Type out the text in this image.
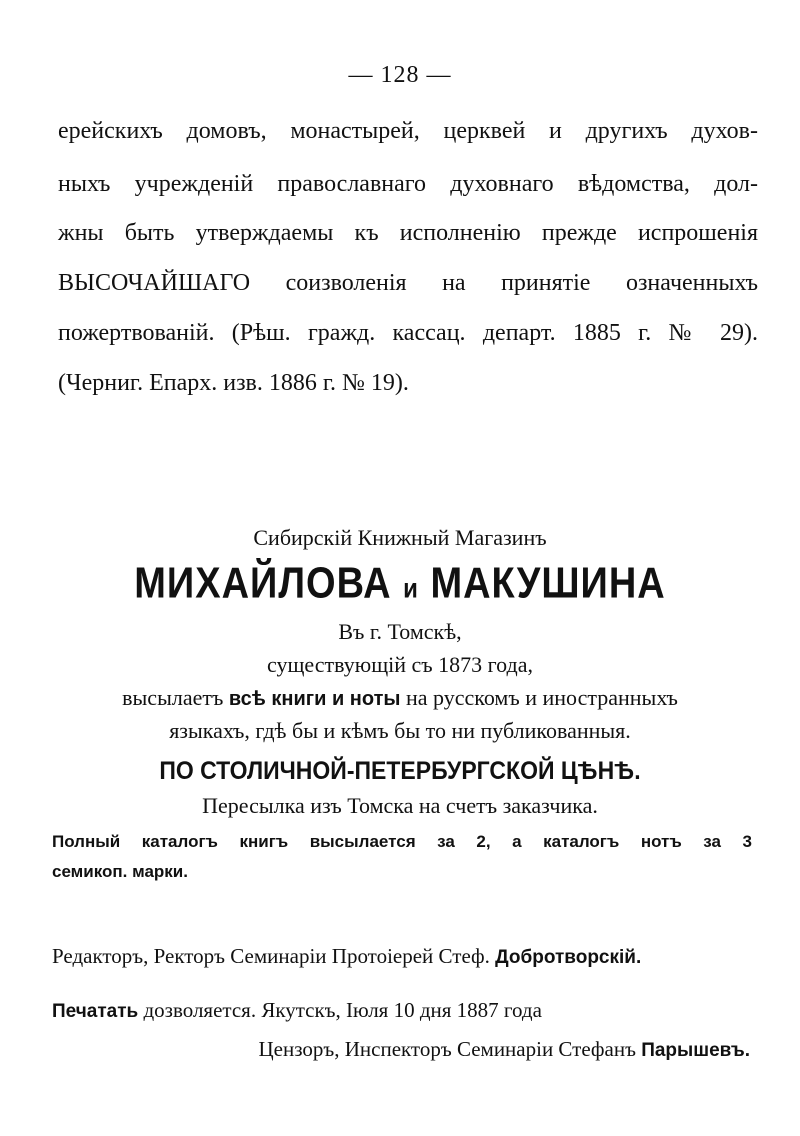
— 128 —
ерейскихъ домовъ, монастырей, церквей и другихъ духов-
ныхъ учрежденій православнаго духовнаго вѣдомства, дол-
жны быть утверждаемы къ исполненію прежде испрошенія
ВЫСОЧАЙШАГО соизволенія на принятіе означенныхъ
пожертвованій. (Рѣш. гражд. кассац. департ. 1885 г. № 29).
(Черниг. Епарх. изв. 1886 г. № 19).
Сибирскій Книжный Магазинъ
МИХАЙЛОВА и МАКУШИНА
Въ г. Томскѣ,
существующій съ 1873 года,
высылаетъ всѣ книги и ноты на русскомъ и иностранныхъ
языкахъ, гдѣ бы и кѣмъ бы то ни публикованныя.
ПО СТОЛИЧНОЙ-ПЕТЕРБУРГСКОЙ ЦѢНѢ.
Пересылка изъ Томска на счетъ заказчика.
Полный каталогъ книгъ высылается за 2, а каталогъ нотъ за 3
семикоп. марки.
Редакторъ, Ректоръ Семинаріи Протоіерей Стеф. Добротворскій.
Печатать дозволяется. Якутскъ, Іюля 10 дня 1887 года
Цензоръ, Инспекторъ Семинаріи Стефанъ Парышевъ.
